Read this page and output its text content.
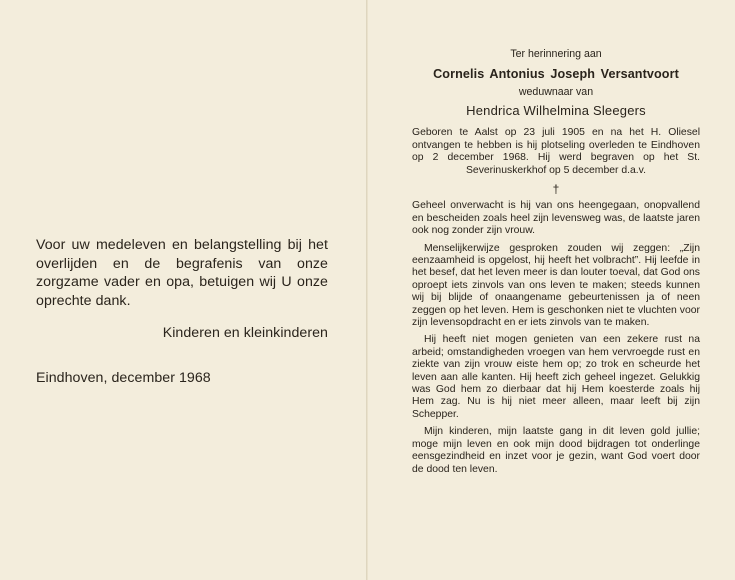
Voor uw medeleven en belangstelling bij het overlijden en de begrafenis van onze zorgzame vader en opa, betuigen wij U onze oprechte dank.

Kinderen en kleinkinderen

Eindhoven, december 1968

Ter herinnering aan

Cornelis Antonius Joseph Versantvoort

weduwnaar van

Hendrica Wilhelmina Sleegers

Geboren te Aalst op 23 juli 1905 en na het H. Oliesel ontvangen te hebben is hij plotseling overleden te Eindhoven op 2 december 1968. Hij werd begraven op het St. Severinuskerkhof op 5 december d.a.v.

†

Geheel onverwacht is hij van ons heengegaan, onopvallend en bescheiden zoals heel zijn levensweg was, de laatste jaren ook nog zonder zijn vrouw.

Menselijkerwijze gesproken zouden wij zeggen: „Zijn eenzaamheid is opgelost, hij heeft het volbracht”. Hij leefde in het besef, dat het leven meer is dan louter toeval, dat God ons oproept iets zinvols van ons leven te maken; steeds kunnen wij bij blijde of onaangename gebeurtenissen ja of neen zeggen op het leven. Hem is geschonken niet te vluchten voor zijn levensopdracht en er iets zinvols van te maken.

Hij heeft niet mogen genieten van een zekere rust na arbeid; omstandigheden vroegen van hem vervroegde rust en ziekte van zijn vrouw eiste hem op; zo trok en scheurde het leven aan alle kanten. Hij heeft zich geheel ingezet. Gelukkig was God hem zo dierbaar dat hij Hem koesterde zoals hij Hem zag. Nu is hij niet meer alleen, maar leeft bij zijn Schepper.

Mijn kinderen, mijn laatste gang in dit leven gold jullie; moge mijn leven en ook mijn dood bijdragen tot onderlinge eensgezindheid en inzet voor je gezin, want God voert door de dood ten leven.
